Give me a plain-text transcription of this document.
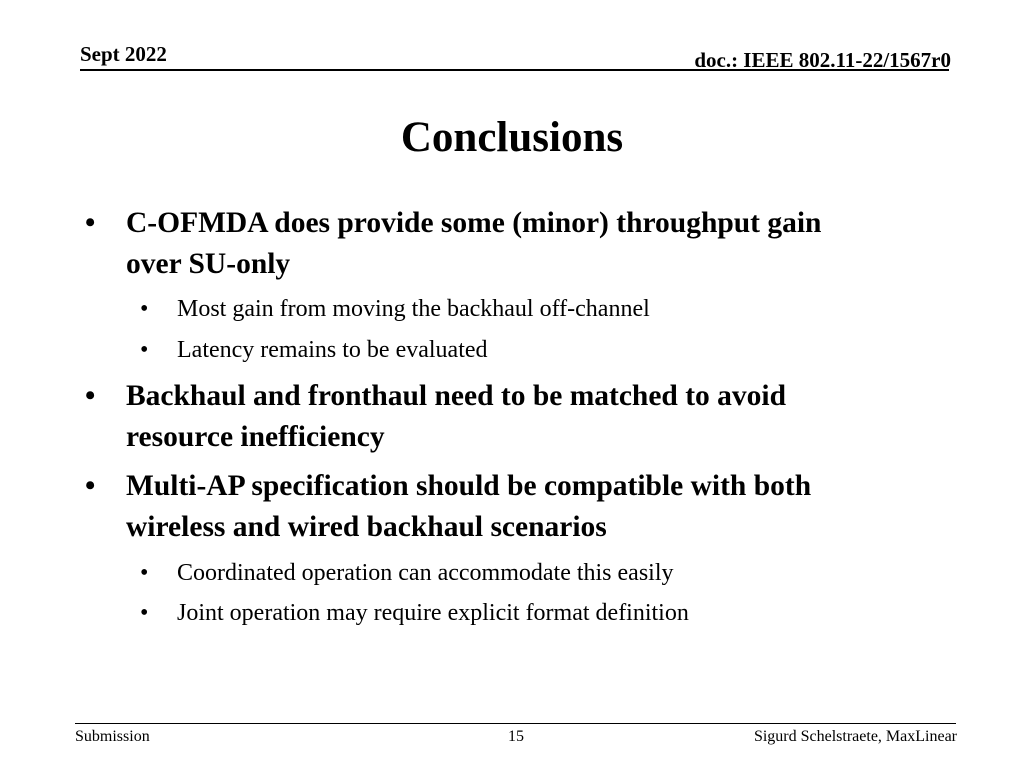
Sept 2022	doc.: IEEE 802.11-22/1567r0
Conclusions
• C-OFMDA does provide some (minor) throughput gain
over SU-only
• Most gain from moving the backhaul off-channel
• Latency remains to be evaluated
• Backhaul and fronthaul need to be matched to avoid
resource inefficiency
• Multi-AP specification should be compatible with both
wireless and wired backhaul scenarios
• Coordinated operation can accommodate this easily
• Joint operation may require explicit format definition
Submission	15	Sigurd Schelstraete, MaxLinear
